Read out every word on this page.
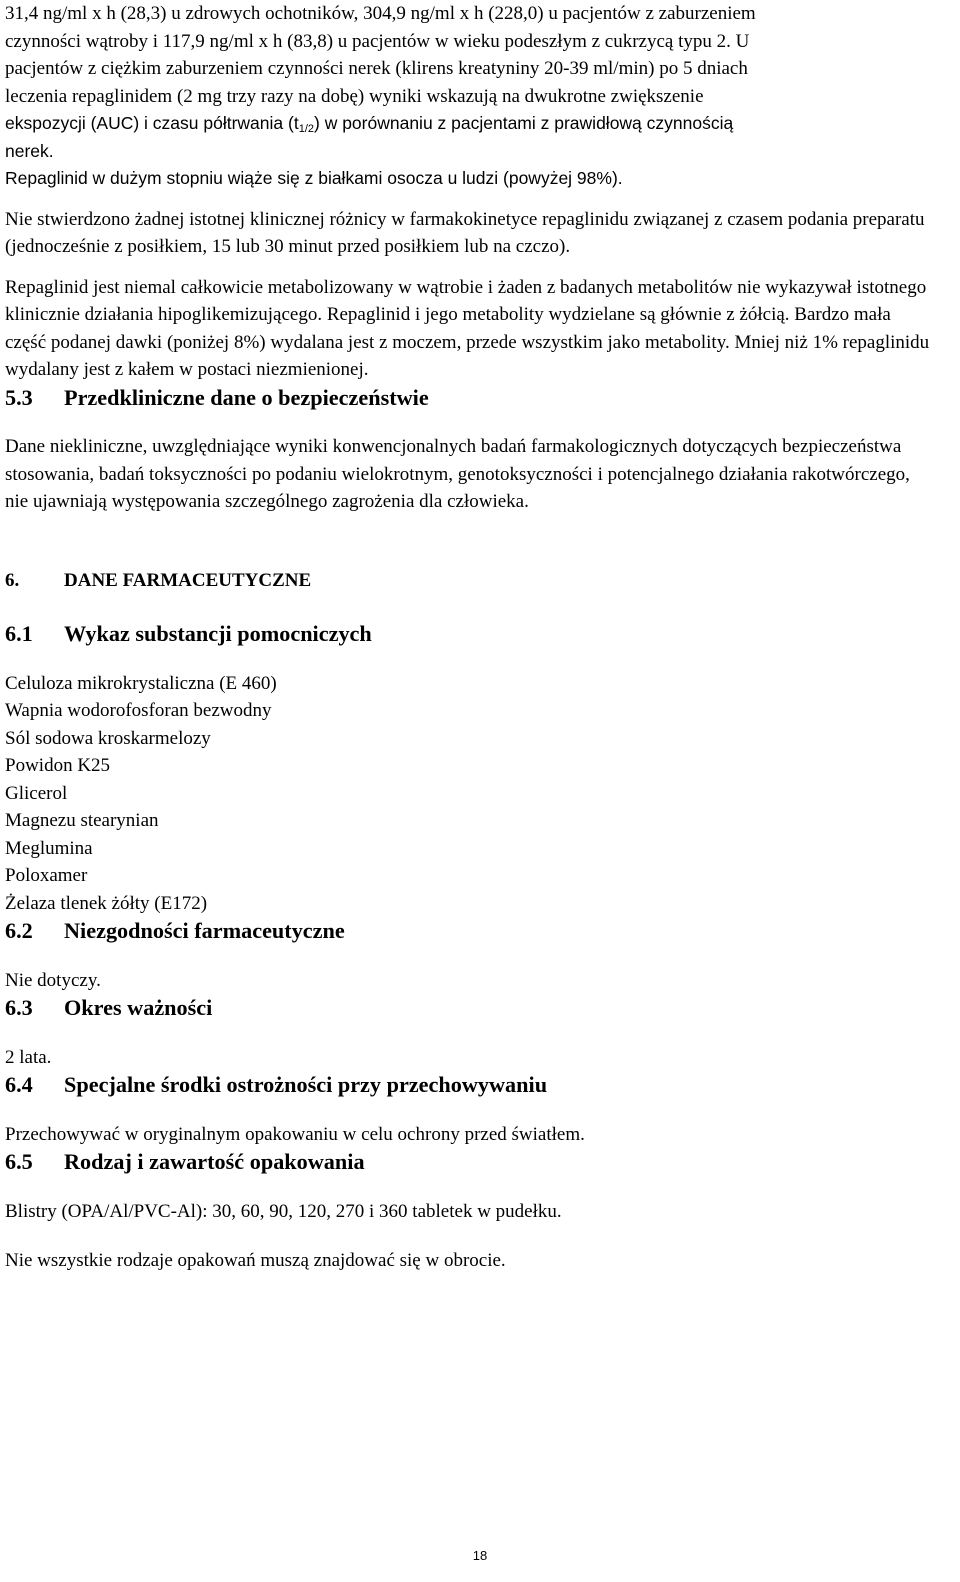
31,4 ng/ml x h (28,3) u zdrowych ochotników, 304,9 ng/ml x h (228,0) u pacjentów z zaburzeniem

czynności wątroby i 117,9 ng/ml x h (83,8) u pacjentów w wieku podeszłym z cukrzycą typu 2. U

pacjentów z ciężkim zaburzeniem czynności nerek (klirens kreatyniny 20-39 ml/min) po 5 dniach

leczenia repaglinidem (2 mg trzy razy na dobę) wyniki wskazują na dwukrotne zwiększenie

ekspozycji (AUC) i czasu półtrwania $(t_{1/2})$ w porównaniu z pacjentami z prawidłową czynnością

nerek.

Repaglinid w dużym stopniu wiąże się z białkami osocza u ludzi (powyżej 98%).

Nie stwierdzono żadnej istotnej klinicznej różnicy w farmakokinetyce repaglinidu związanej z czasem podania preparatu (jednocześnie z posiłkiem, 15 lub 30 minut przed posiłkiem lub na czczo).

Repaglinid jest niemal całkowicie metabolizowany w wątrobie i żaden z badanych metabolitów nie wykazywał istotnego klinicznie działania hipoglikemizującego. Repaglinid i jego metabolity wydzielane są głównie z żółcią. Bardzo mała część podanej dawki (poniżej 8%) wydalana jest z moczem, przede wszystkim jako metabolity. Mniej niż 1% repaglinidu wydalany jest z kałem w postaci niezmienionej.

5.3	Przedkliniczne dane o bezpieczeństwie

Dane niekliniczne, uwzględniające wyniki konwencjonalnych badań farmakologicznych dotyczących bezpieczeństwa stosowania, badań toksyczności po podaniu wielokrotnym, genotoksyczności i potencjalnego działania rakotwórczego, nie ujawniają występowania szczególnego zagrożenia dla człowieka.

6.	DANE FARMACEUTYCZNE
6.1	Wykaz substancji pomocniczych
Celuloza mikrokrystaliczna (E 460)
Wapnia wodorofosforan bezwodny
Sól sodowa kroskarmelozy
Powidon K25
Glicerol
Magnezu stearynian
Meglumina
Poloxamer
Żelaza tlenek żółty (E172)
6.2	Niezgodności farmaceutyczne

Nie dotyczy.

6.3	Okres ważności

2 lata.

6.4	Specjalne środki ostrożności przy przechowywaniu

Przechowywać w oryginalnym opakowaniu w celu ochrony przed światłem.

6.5	Rodzaj i zawartość opakowania

Blistry (OPA/Al/PVC-Al): 30, 60, 90, 120, 270 i 360 tabletek w pudełku.

Nie wszystkie rodzaje opakowań muszą znajdować się w obrocie.

18
